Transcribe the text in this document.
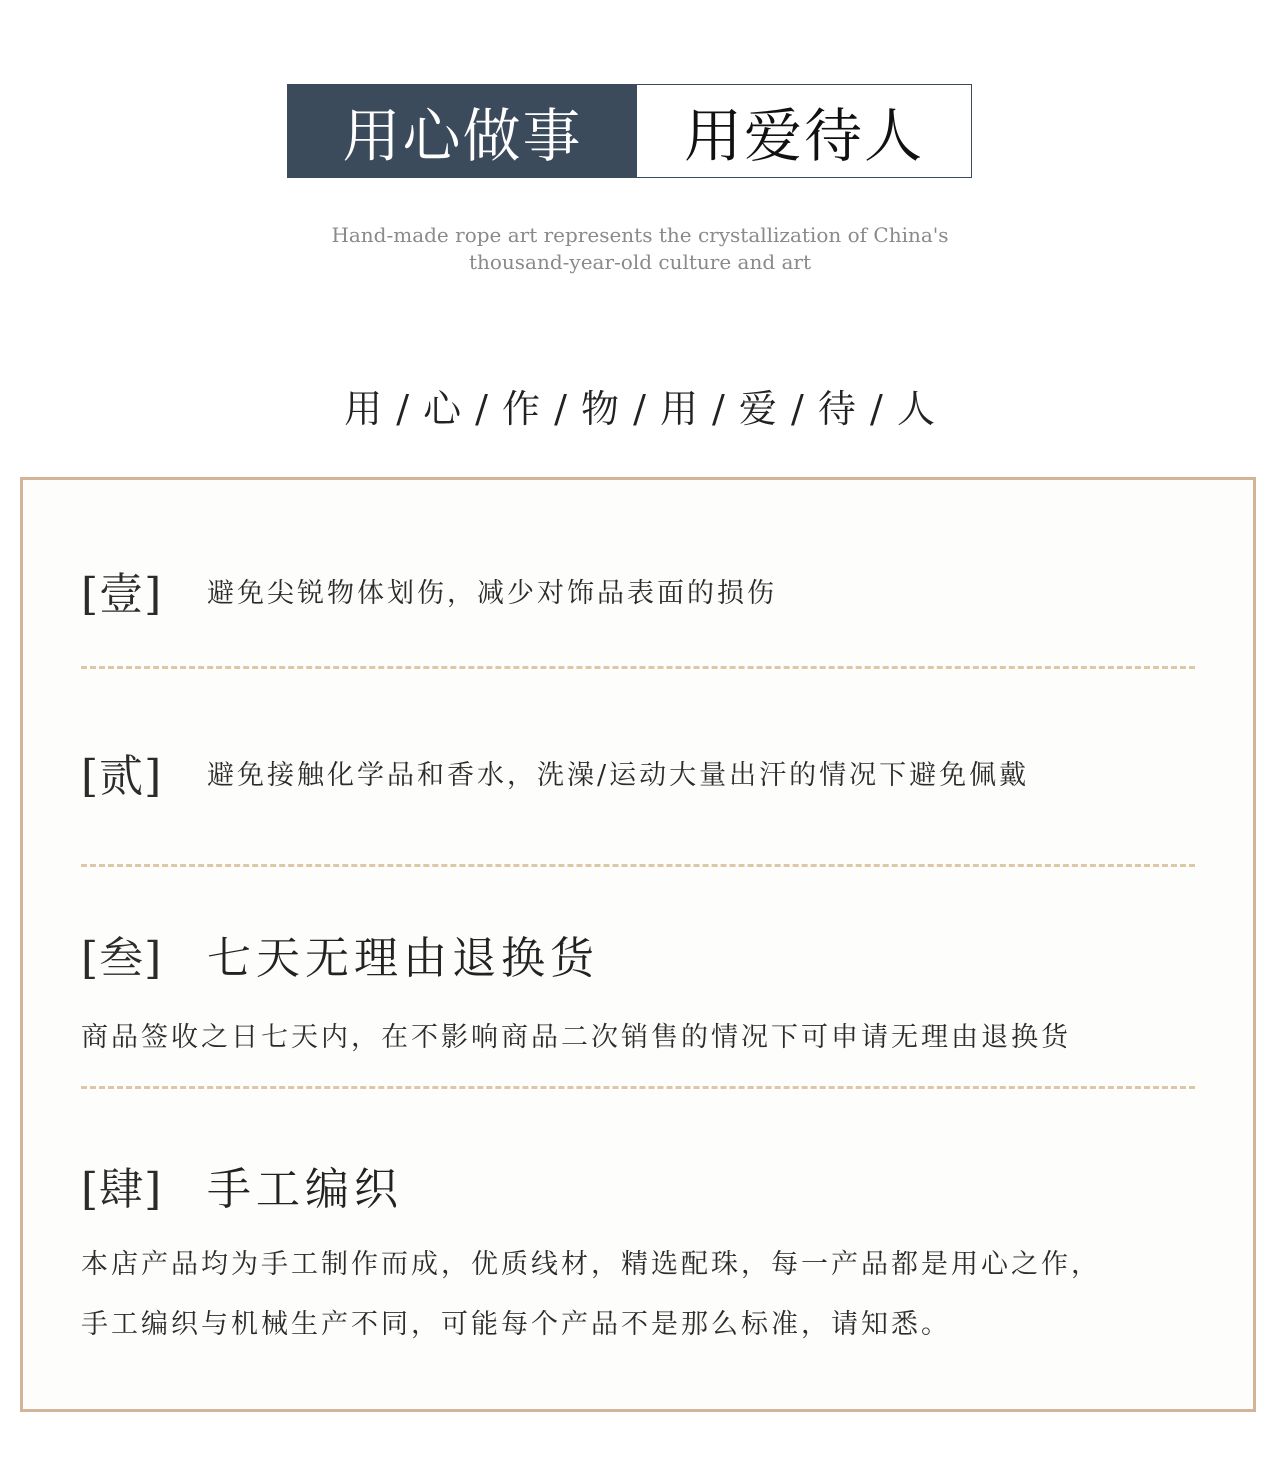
用心做事	用爱待人
Hand-made rope art represents the crystallization of China's
thousand-year-old culture and art
用 / 心 / 作 / 物 / 用 / 爱 / 待 / 人
[壹]	避免尖锐物体划伤，减少对饰品表面的损伤
[贰]	避免接触化学品和香水，洗澡/运动大量出汗的情况下避免佩戴
[叁]	七天无理由退换货
商品签收之日七天内，在不影响商品二次销售的情况下可申请无理由退换货
[肆]	手工编织
本店产品均为手工制作而成，优质线材，精选配珠，每一产品都是用心之作，
手工编织与机械生产不同，可能每个产品不是那么标准，请知悉。
